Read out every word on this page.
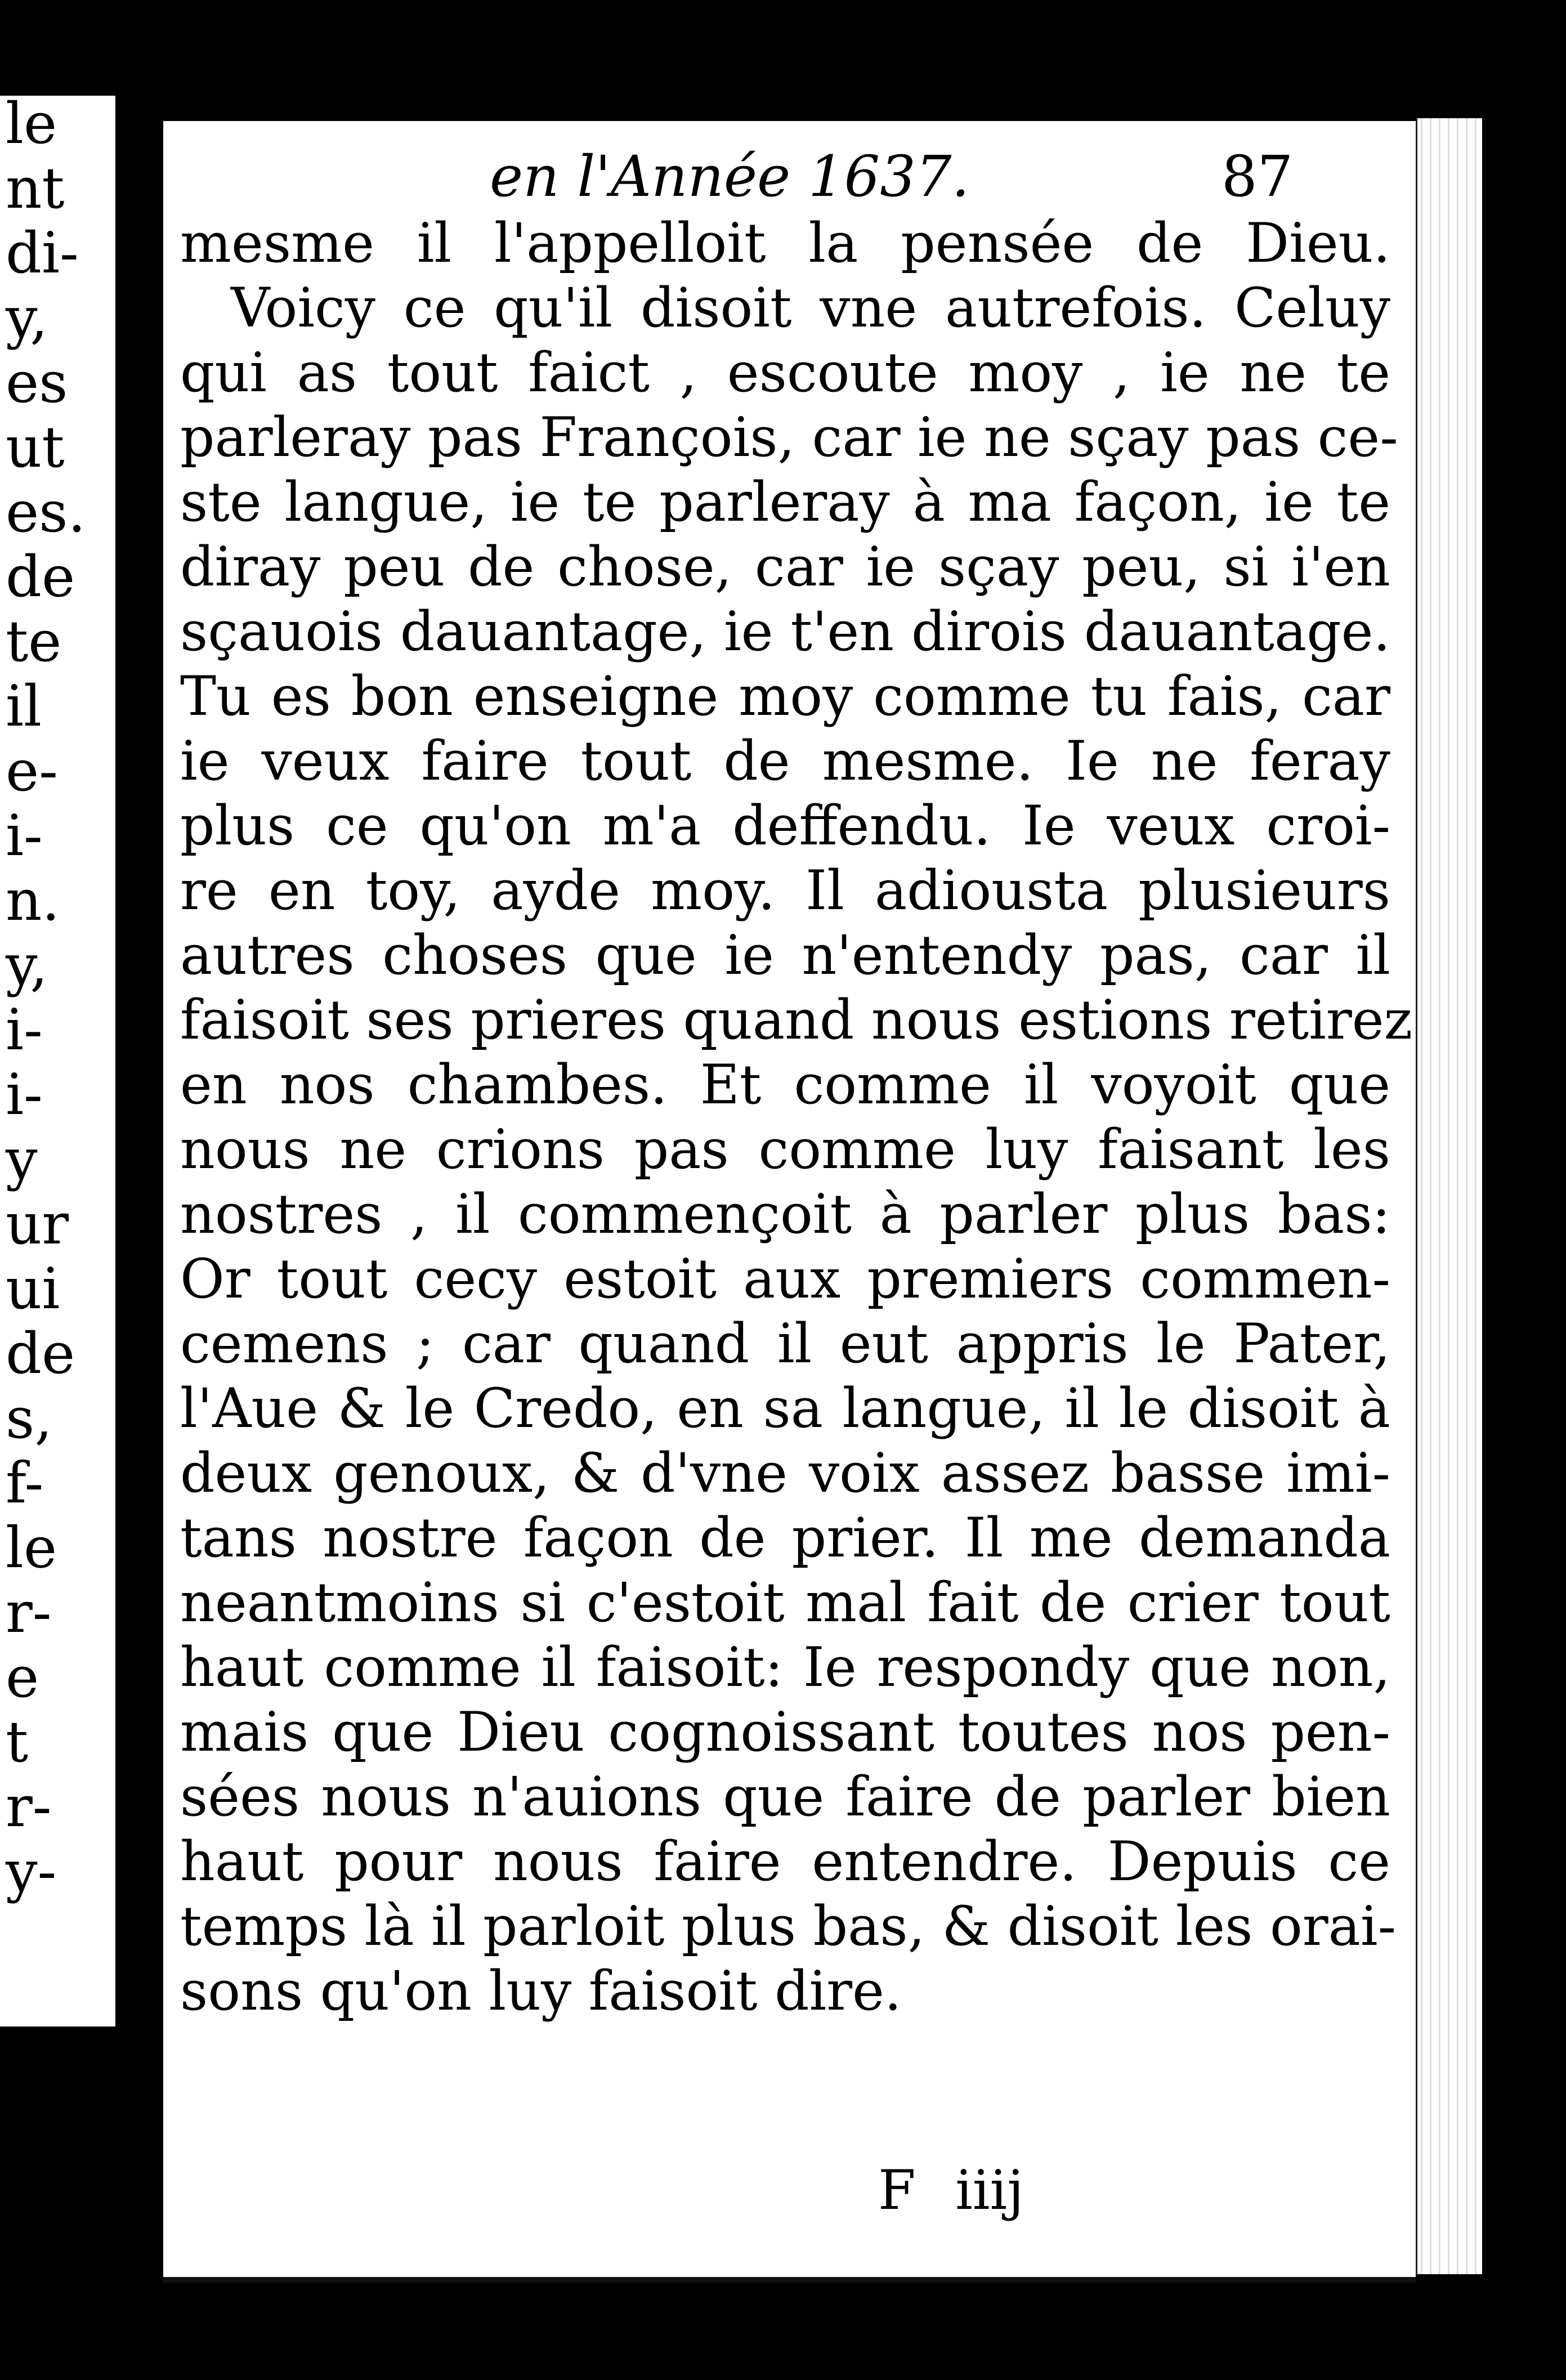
le
nt
di-
y,
es
ut
es.
de
te
il
e-
i-
n.
y,
i-
i-
y
ur
ui
de
s,
f-
le
r-
e
t
r-
y-
en l'Année 1637.	87
mesme il l'appelloit la pensée de Dieu.
Voicy ce qu'il disoit vne autrefois. Celuy
qui as tout faict , escoute moy , ie ne te
parleray pas François, car ie ne sçay pas ce-
ste langue, ie te parleray à ma façon, ie te
diray peu de chose, car ie sçay peu, si i'en
sçauois dauantage, ie t'en dirois dauantage.
Tu es bon enseigne moy comme tu fais, car
ie veux faire tout de mesme. Ie ne feray
plus ce qu'on m'a deffendu. Ie veux croi-
re en toy, ayde moy. Il adiousta plusieurs
autres choses que ie n'entendy pas, car il
faisoit ses prieres quand nous estions retirez
en nos chambes. Et comme il voyoit que
nous ne crions pas comme luy faisant les
nostres , il commençoit à parler plus bas:
Or tout cecy estoit aux premiers commen-
cemens ; car quand il eut appris le Pater,
l'Aue & le Credo, en sa langue, il le disoit à
deux genoux, & d'vne voix assez basse imi-
tans nostre façon de prier. Il me demanda
neantmoins si c'estoit mal fait de crier tout
haut comme il faisoit: Ie respondy que non,
mais que Dieu cognoissant toutes nos pen-
sées nous n'auions que faire de parler bien
haut pour nous faire entendre. Depuis ce
temps là il parloit plus bas, & disoit les orai-
sons qu'on luy faisoit dire.
F iiij
